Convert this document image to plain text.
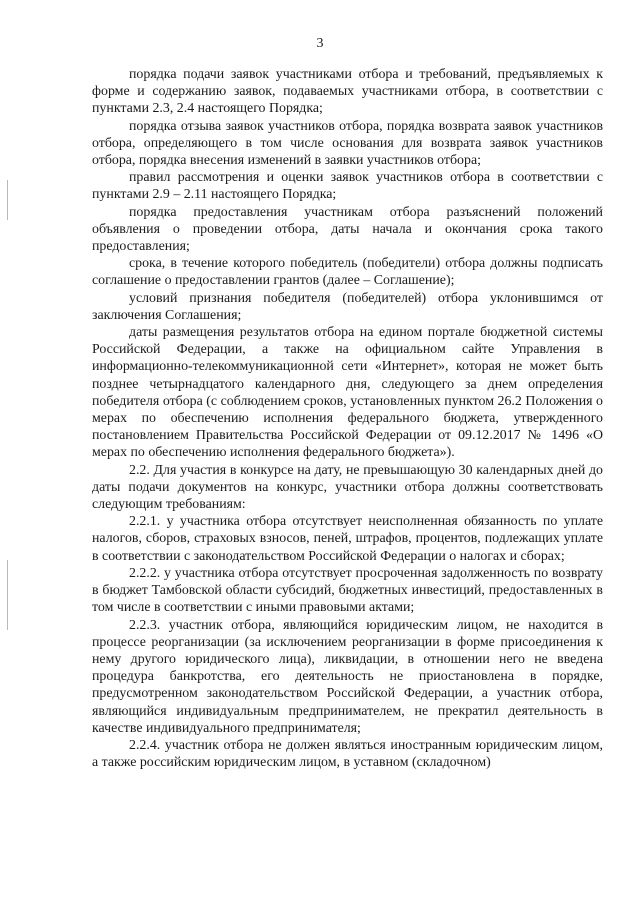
3

порядка подачи заявок участниками отбора и требований, предъявляемых к форме и содержанию заявок, подаваемых участниками отбора, в соответствии с пунктами 2.3, 2.4 настоящего Порядка;

порядка отзыва заявок участников отбора, порядка возврата заявок участников отбора, определяющего в том числе основания для возврата заявок участников отбора, порядка внесения изменений в заявки участников отбора;

правил рассмотрения и оценки заявок участников отбора в соответствии с пунктами 2.9 – 2.11 настоящего Порядка;

порядка предоставления участникам отбора разъяснений положений объявления о проведении отбора, даты начала и окончания срока такого предоставления;

срока, в течение которого победитель (победители) отбора должны подписать соглашение о предоставлении грантов (далее – Соглашение);

условий признания победителя (победителей) отбора уклонившимся от заключения Соглашения;

даты размещения результатов отбора на едином портале бюджетной системы Российской Федерации, а также на официальном сайте Управления в информационно-телекоммуникационной сети «Интернет», которая не может быть позднее четырнадцатого календарного дня, следующего за днем определения победителя отбора (с соблюдением сроков, установленных пунктом 26.2 Положения о мерах по обеспечению исполнения федерального бюджета, утвержденного постановлением Правительства Российской Федерации от 09.12.2017 № 1496 «О мерах по обеспечению исполнения федерального бюджета»).

2.2. Для участия в конкурсе на дату, не превышающую 30 календарных дней до даты подачи документов на конкурс, участники отбора должны соответствовать следующим требованиям:

2.2.1. у участника отбора отсутствует неисполненная обязанность по уплате налогов, сборов, страховых взносов, пеней, штрафов, процентов, подлежащих уплате в соответствии с законодательством Российской Федерации о налогах и сборах;

2.2.2. у участника отбора отсутствует просроченная задолженность по возврату в бюджет Тамбовской области субсидий, бюджетных инвестиций, предоставленных в том числе в соответствии с иными правовыми актами;

2.2.3. участник отбора, являющийся юридическим лицом, не находится в процессе реорганизации (за исключением реорганизации в форме присоединения к нему другого юридического лица), ликвидации, в отношении него не введена процедура банкротства, его деятельность не приостановлена в порядке, предусмотренном законодательством Российской Федерации, а участник отбора, являющийся индивидуальным предпринимателем, не прекратил деятельность в качестве индивидуального предпринимателя;

2.2.4. участник отбора не должен являться иностранным юридическим лицом, а также российским юридическим лицом, в уставном (складочном)
